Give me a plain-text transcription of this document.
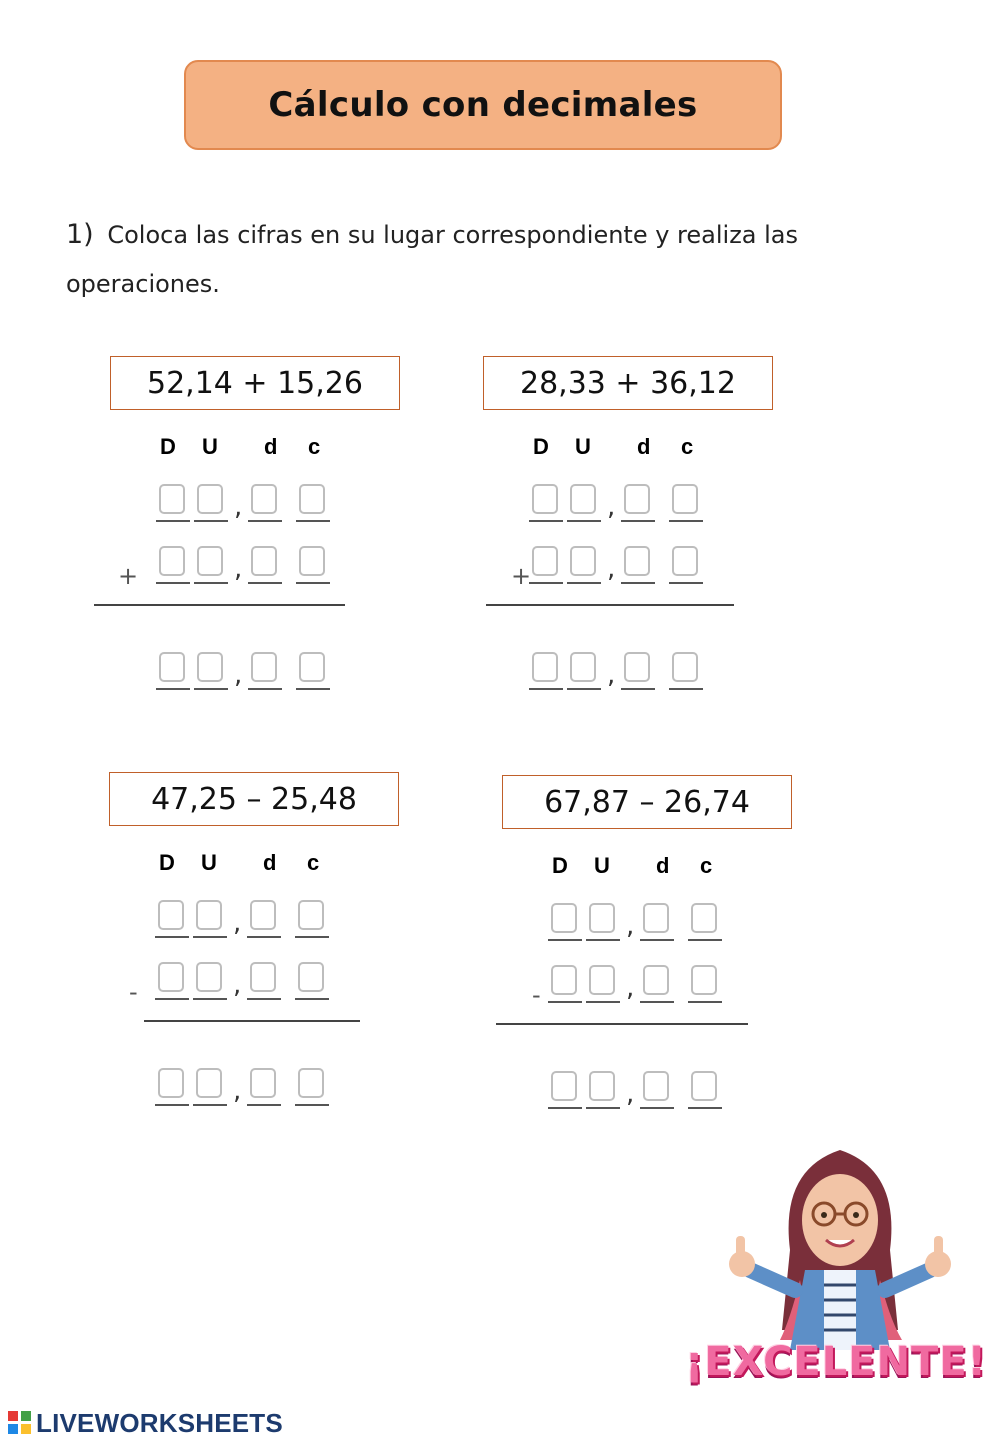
Cálculo con decimales
1) Coloca las cifras en su lugar correspondiente y realiza las operaciones.
52,14 + 15,26
D U d c
,
,
,
+
28,33 + 36,12
D U d c
,
,
,
+
47,25 – 25,48
D U d c
,
,
,
-
67,87 – 26,74
D U d c
,
,
,
-
¡EXCELENTE!
LIVEWORKSHEETS
